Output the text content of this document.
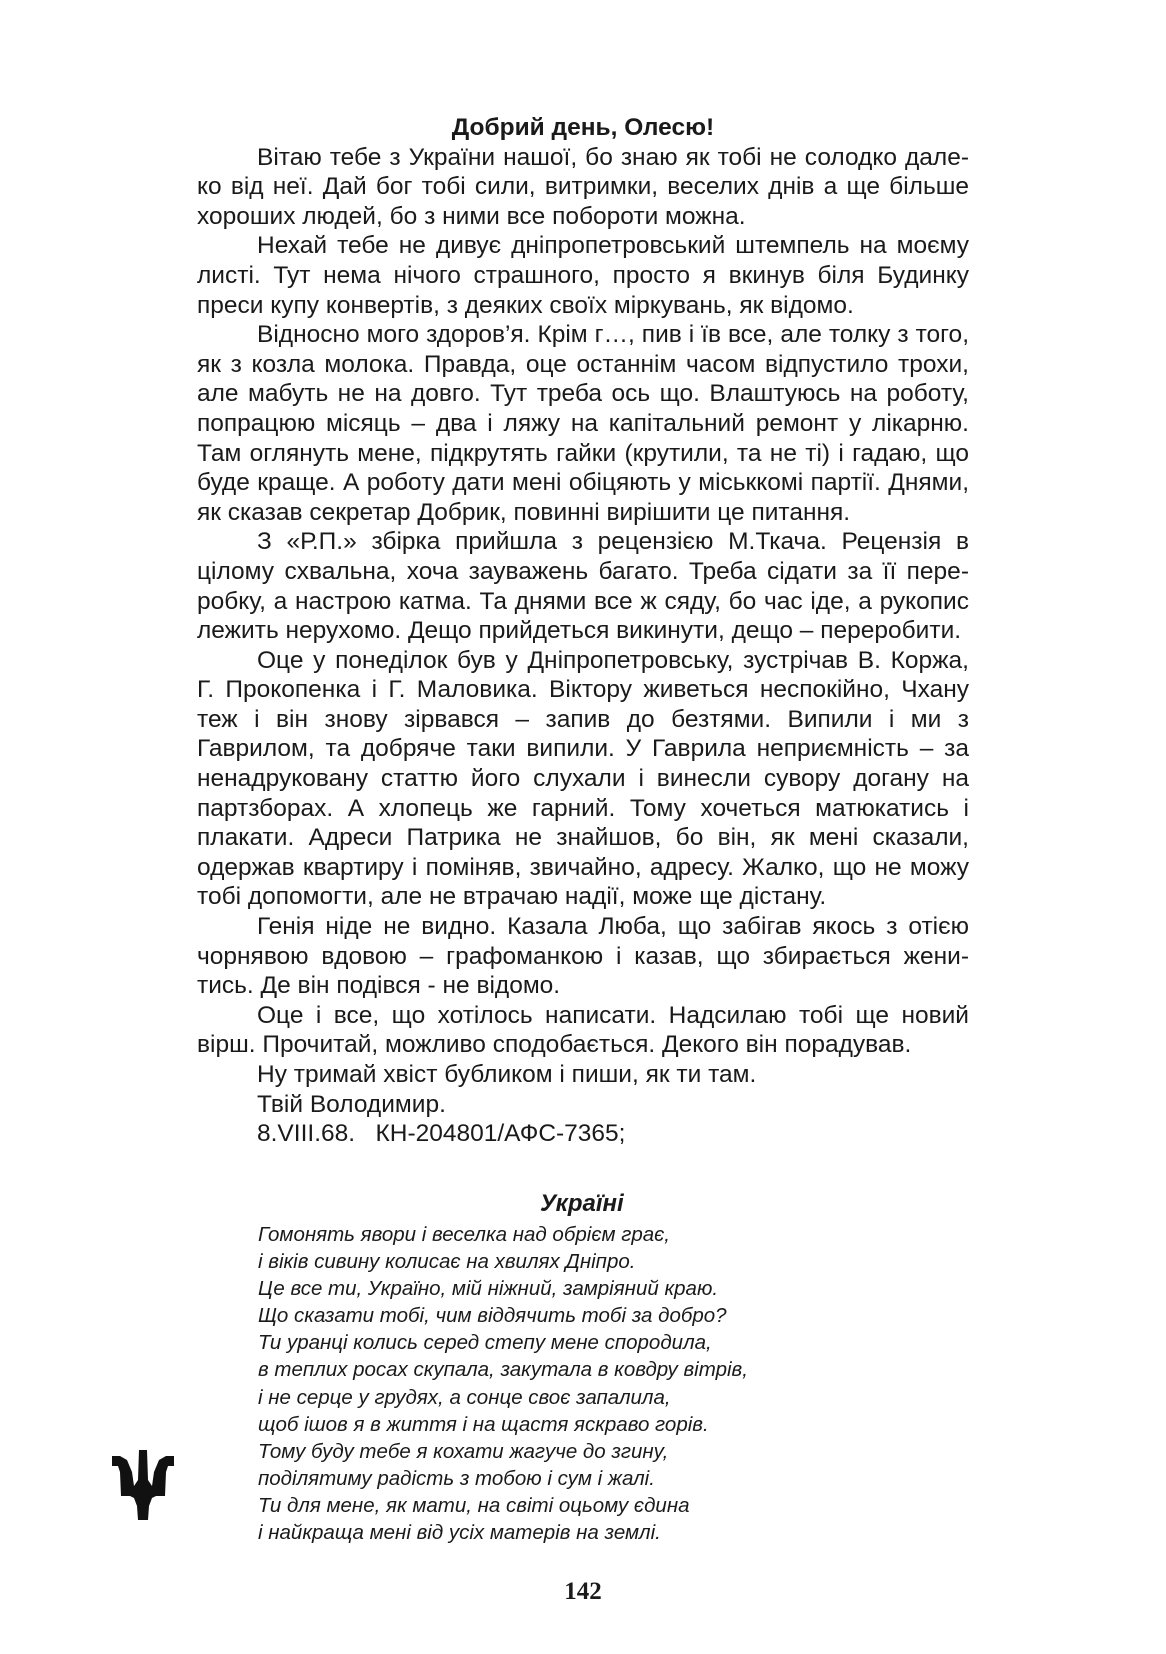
Добрий день, Олесю!

Вітаю тебе з України нашої, бо знаю як тобі не солодко далеко від неї. Дай бог тобі сили, витримки, веселих днів а ще більше хороших людей, бо з ними все побороти можна.

Нехай тебе не дивує дніпропетровський штемпель на моєму листі. Тут нема нічого страшного, просто я вкинув біля Будинку преси купу конвертів, з деяких своїх міркувань, як відомо.

Відносно мого здоров’я. Крім г…, пив і їв все, але толку з того, як з козла молока. Правда, оце останнім часом відпустило трохи, але мабуть не на довго. Тут треба ось що. Влаштуюсь на роботу, попрацюю місяць – два і ляжу на капітальний ремонт у лікарню. Там оглянуть мене, підкрутять гайки (крутили, та не ті) і гадаю, що буде краще. А роботу дати мені обіцяють у міськкомі партії. Днями, як сказав секретар Добрик, повинні вирішити це питання.

З «Р.П.» збірка прийшла з рецензією М.Ткача. Рецензія в цілому схвальна, хоча зауважень багато. Треба сідати за її переробку, а настрою катма. Та днями все ж сяду, бо час іде, а рукопис лежить нерухомо. Дещо прийдеться викинути, дещо – переробити.

Оце у понеділок був у Дніпропетровську, зустрічав В. Коржа, Г. Прокопенка і Г. Маловика. Віктору живеться неспокійно, Чхану теж і він знову зірвався – запив до безтями. Випили і ми з Гаврилом, та добряче таки випили. У Гаврила неприємність – за ненадруковану статтю його слухали і винесли сувору догану на партзборах. А хлопець же гарний. Тому хочеться матюкатись і плакати. Адреси Патрика не знайшов, бо він, як мені сказали, одержав квартиру і поміняв, звичайно, адресу. Жалко, що не можу тобі допомогти, але не втрачаю надії, може ще дістану.

Генія ніде не видно. Казала Люба, що забігав якось з отією чорнявою вдовою – графоманкою і казав, що збирається женитись. Де він подівся - не відомо.

Оце і все, що хотілось написати. Надсилаю тобі ще новий вірш. Прочитай, можливо сподобається. Декого він порадував.

Ну тримай хвіст бубликом і пиши, як ти там.

Твій Володимир.

8.VIII.68.   КН-204801/АФС-7365;

Україні

Гомонять явори і веселка над обрієм грає,

і віків сивину колисає на хвилях Дніпро.

Це все ти, Україно, мій ніжний, замріяний краю.

Що сказати тобі, чим віддячить тобі за добро?

Ти уранці колись серед степу мене спородила,

в теплих росах скупала, закутала в ковдру вітрів,

і не серце у грудях, а сонце своє запалила,

щоб ішов я в життя і на щастя яскраво горів.

Тому буду тебе я кохати жагуче до згину,

поділятиму радість з тобою і сум і жалі.

Ти для мене, як мати, на світі оцьому єдина

і найкраща мені від усіх матерів на землі.

142
